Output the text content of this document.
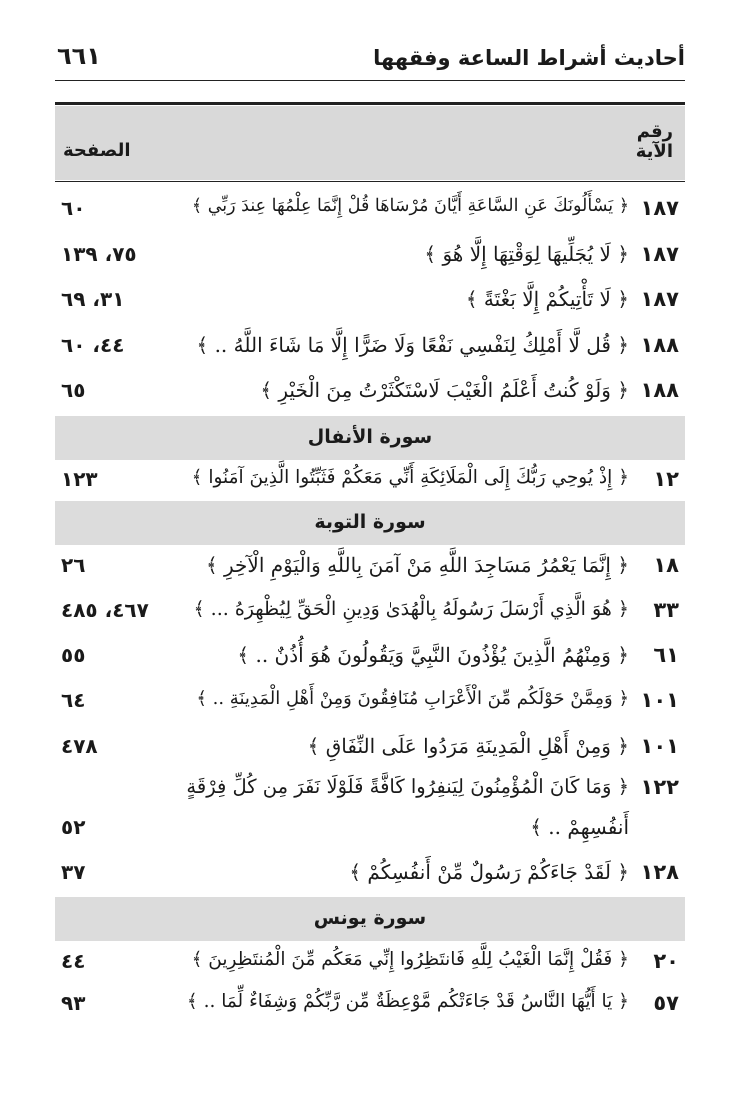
أحاديث أشراط الساعة وفقهها
٦٦١
رقم
الآية
الصفحة
١٨٧
﴿ يَسْأَلُونَكَ عَنِ السَّاعَةِ أَيَّانَ مُرْسَاهَا قُلْ إِنَّمَا عِلْمُهَا عِندَ رَبِّي ﴾
٦٠
١٨٧
﴿ لَا يُجَلِّيهَا لِوَقْتِهَا إِلَّا هُوَ ﴾
٧٥، ١٣٩
١٨٧
﴿ لَا تَأْتِيكُمْ إِلَّا بَغْتَةً ﴾
٣١، ٦٩
١٨٨
﴿ قُل لَّا أَمْلِكُ لِنَفْسِي نَفْعًا وَلَا ضَرًّا إِلَّا مَا شَاءَ اللَّهُ .. ﴾
٤٤، ٦٠
١٨٨
﴿ وَلَوْ كُنتُ أَعْلَمُ الْغَيْبَ لَاسْتَكْثَرْتُ مِنَ الْخَيْرِ ﴾
٦٥
سورة الأنفال
١٢
﴿ إِذْ يُوحِي رَبُّكَ إِلَى الْمَلَائِكَةِ أَنِّي مَعَكُمْ فَثَبِّتُوا الَّذِينَ آمَنُوا ﴾
١٢٣
سورة التوبة
١٨
﴿ إِنَّمَا يَعْمُرُ مَسَاجِدَ اللَّهِ مَنْ آمَنَ بِاللَّهِ وَالْيَوْمِ الْآخِرِ ﴾
٢٦
٣٣
﴿ هُوَ الَّذِي أَرْسَلَ رَسُولَهُ بِالْهُدَىٰ وَدِينِ الْحَقِّ لِيُظْهِرَهُ ... ﴾
٤٦٧، ٤٨٥
٦١
﴿ وَمِنْهُمُ الَّذِينَ يُؤْذُونَ النَّبِيَّ وَيَقُولُونَ هُوَ أُذُنٌ .. ﴾
٥٥
١٠١
﴿ وَمِمَّنْ حَوْلَكُم مِّنَ الْأَعْرَابِ مُنَافِقُونَ وَمِنْ أَهْلِ الْمَدِينَةِ .. ﴾
٦٤
١٠١
﴿ وَمِنْ أَهْلِ الْمَدِينَةِ مَرَدُوا عَلَى النِّفَاقِ ﴾
٤٧٨
١٢٢
﴿ وَمَا كَانَ الْمُؤْمِنُونَ لِيَنفِرُوا كَافَّةً فَلَوْلَا نَفَرَ مِن كُلِّ فِرْقَةٍ
أَنفُسِهِمْ .. ﴾
٥٢
١٢٨
﴿ لَقَدْ جَاءَكُمْ رَسُولٌ مِّنْ أَنفُسِكُمْ ﴾
٣٧
سورة يونس
٢٠
﴿ فَقُلْ إِنَّمَا الْغَيْبُ لِلَّهِ فَانتَظِرُوا إِنِّي مَعَكُم مِّنَ الْمُنتَظِرِينَ ﴾
٤٤
٥٧
﴿ يَا أَيُّهَا النَّاسُ قَدْ جَاءَتْكُم مَّوْعِظَةٌ مِّن رَّبِّكُمْ وَشِفَاءٌ لِّمَا .. ﴾
٩٣
